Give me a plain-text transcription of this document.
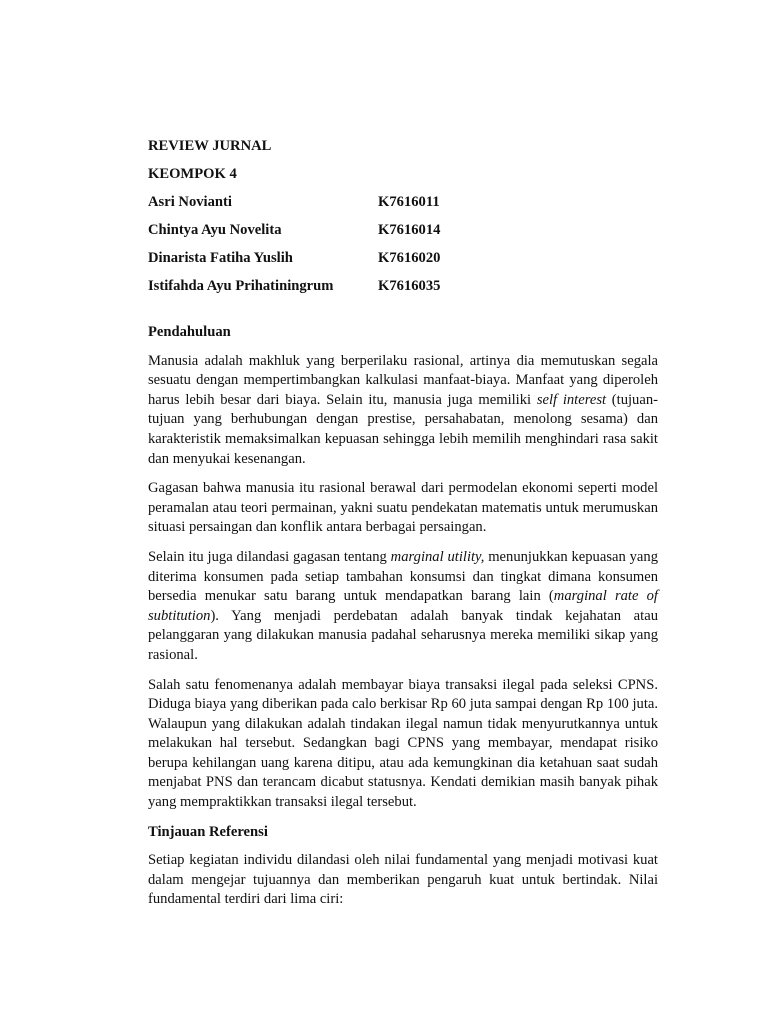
REVIEW JURNAL
KEOMPOK 4
Asri Novianti	K7616011
Chintya Ayu Novelita	K7616014
Dinarista Fatiha Yuslih	K7616020
Istifahda Ayu Prihatiningrum	K7616035
Pendahuluan

Manusia adalah makhluk yang berperilaku rasional, artinya dia memutuskan segala sesuatu dengan mempertimbangkan kalkulasi manfaat-biaya. Manfaat yang diperoleh harus lebih besar dari biaya. Selain itu, manusia juga memiliki self interest (tujuan-tujuan yang berhubungan dengan prestise, persahabatan, menolong sesama) dan karakteristik memaksimalkan kepuasan sehingga lebih memilih menghindari rasa sakit dan menyukai kesenangan.

Gagasan bahwa manusia itu rasional berawal dari permodelan ekonomi seperti model peramalan atau teori permainan, yakni suatu pendekatan matematis untuk merumuskan situasi persaingan dan konflik antara berbagai persaingan.

Selain itu juga dilandasi gagasan tentang marginal utility, menunjukkan kepuasan yang diterima konsumen pada setiap tambahan konsumsi dan tingkat dimana konsumen bersedia menukar satu barang untuk mendapatkan barang lain (marginal rate of subtitution). Yang menjadi perdebatan adalah banyak tindak kejahatan atau pelanggaran yang dilakukan manusia padahal seharusnya mereka memiliki sikap yang rasional.

Salah satu fenomenanya adalah membayar biaya transaksi ilegal pada seleksi CPNS. Diduga biaya yang diberikan pada calo berkisar Rp 60 juta sampai dengan Rp 100 juta. Walaupun yang dilakukan adalah tindakan ilegal namun tidak menyurutkannya untuk melakukan hal tersebut. Sedangkan bagi CPNS yang membayar, mendapat risiko berupa kehilangan uang karena ditipu, atau ada kemungkinan dia ketahuan saat sudah menjabat PNS dan terancam dicabut statusnya. Kendati demikian masih banyak pihak yang mempraktikkan transaksi ilegal tersebut.

Tinjauan Referensi

Setiap kegiatan individu dilandasi oleh nilai fundamental yang menjadi motivasi kuat dalam mengejar tujuannya dan memberikan pengaruh kuat untuk bertindak. Nilai fundamental terdiri dari lima ciri:
